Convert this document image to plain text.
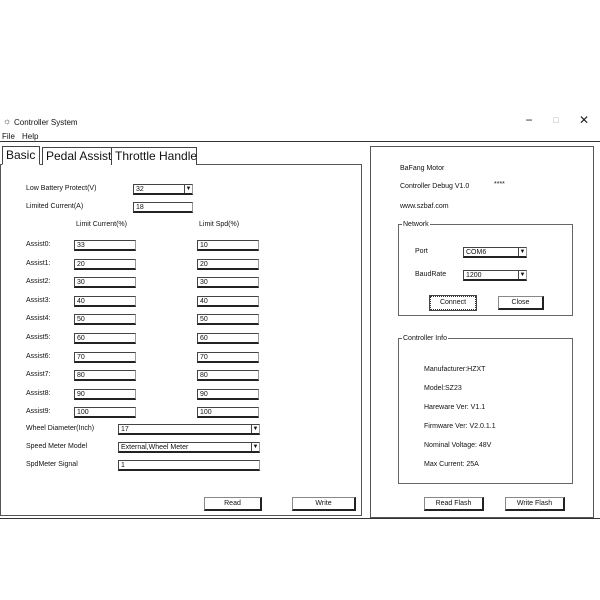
☼ Controller System	−	□	✕
File Help
Basic Pedal Assist Throttle Handle
Low Battery Protect(V)	32	▼
Limited Current(A)	18
Limit Current(%)	Limit Spd(%)
Assist0:	33	10
Assist1:	20	20
Assist2:	30	30
Assist3:	40	40
Assist4:	50	50
Assist5:	60	60
Assist6:	70	70
Assist7:	80	80
Assist8:	90	90
Assist9:	100	100
Wheel Diameter(Inch)	17	▼
Speed Meter Model	External,Wheel Meter	▼
SpdMeter Signal	1
Read	Write
BaFang Motor
Controller Debug V1.0	****
www.szbaf.com
Network
Port	COM6	▼
BaudRate	1200	▼
Connect	Close
Controller Info
Manufacturer:HZXT
Model:SZ23
Hareware Ver: V1.1
Firmware Ver: V2.0.1.1
Nominal Voltage: 48V
Max Current: 25A
Read Flash	Write Flash
